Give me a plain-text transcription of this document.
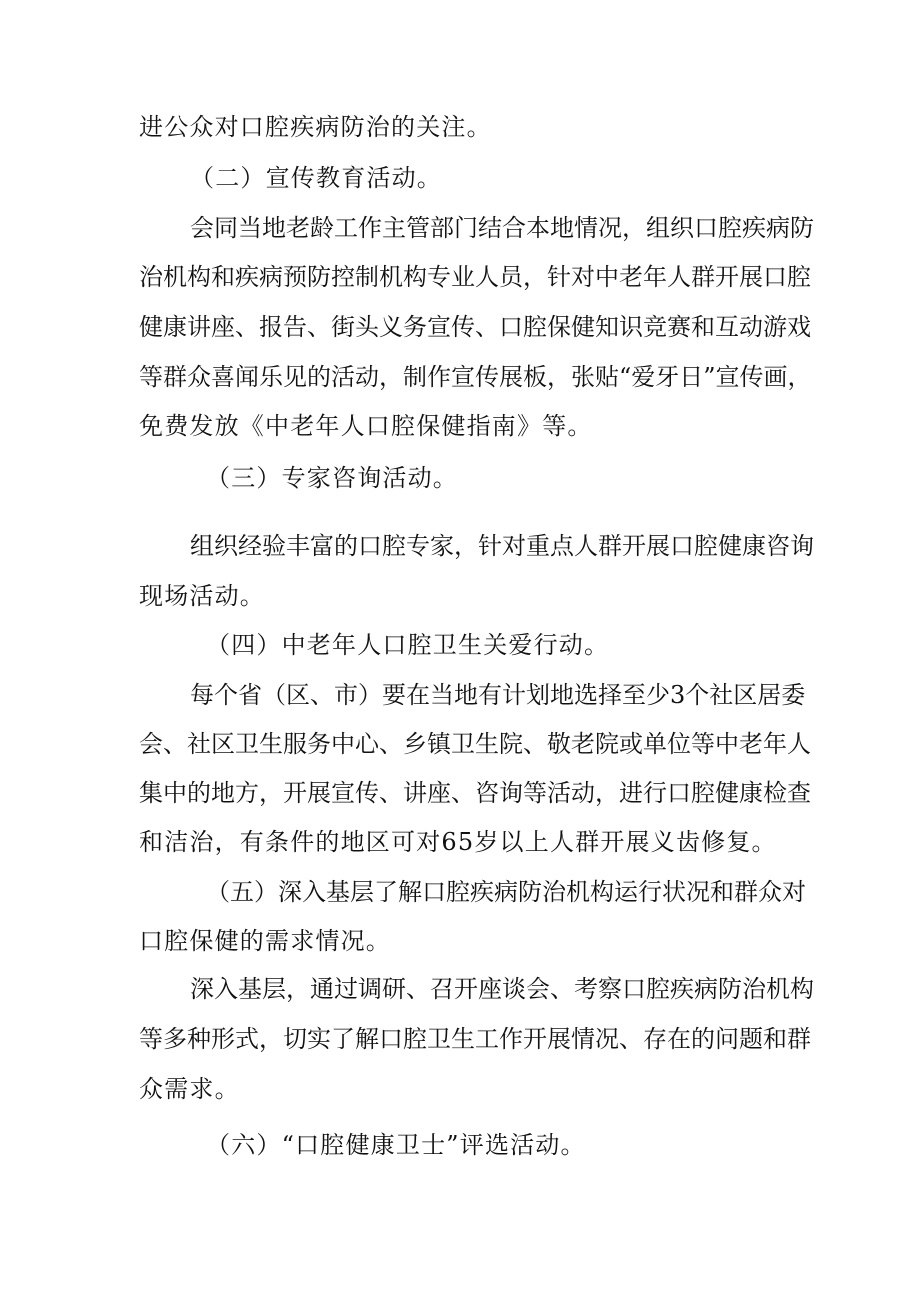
进公众对口腔疾病防治的关注。
（二）宣传教育活动。
会同当地老龄工作主管部门结合本地情况，组织口腔疾病防
治机构和疾病预防控制机构专业人员，针对中老年人群开展口腔
健康讲座、报告、街头义务宣传、口腔保健知识竞赛和互动游戏
等群众喜闻乐见的活动，制作宣传展板，张贴“爱牙日”宣传画，
免费发放《中老年人口腔保健指南》等。
（三）专家咨询活动。
组织经验丰富的口腔专家，针对重点人群开展口腔健康咨询
现场活动。
（四）中老年人口腔卫生关爱行动。
每个省（区、市）要在当地有计划地选择至少3个社区居委
会、社区卫生服务中心、乡镇卫生院、敬老院或单位等中老年人
集中的地方，开展宣传、讲座、咨询等活动，进行口腔健康检查
和洁治，有条件的地区可对65岁以上人群开展义齿修复。
（五）深入基层了解口腔疾病防治机构运行状况和群众对
口腔保健的需求情况。
深入基层，通过调研、召开座谈会、考察口腔疾病防治机构
等多种形式，切实了解口腔卫生工作开展情况、存在的问题和群
众需求。
（六）“口腔健康卫士”评选活动。
